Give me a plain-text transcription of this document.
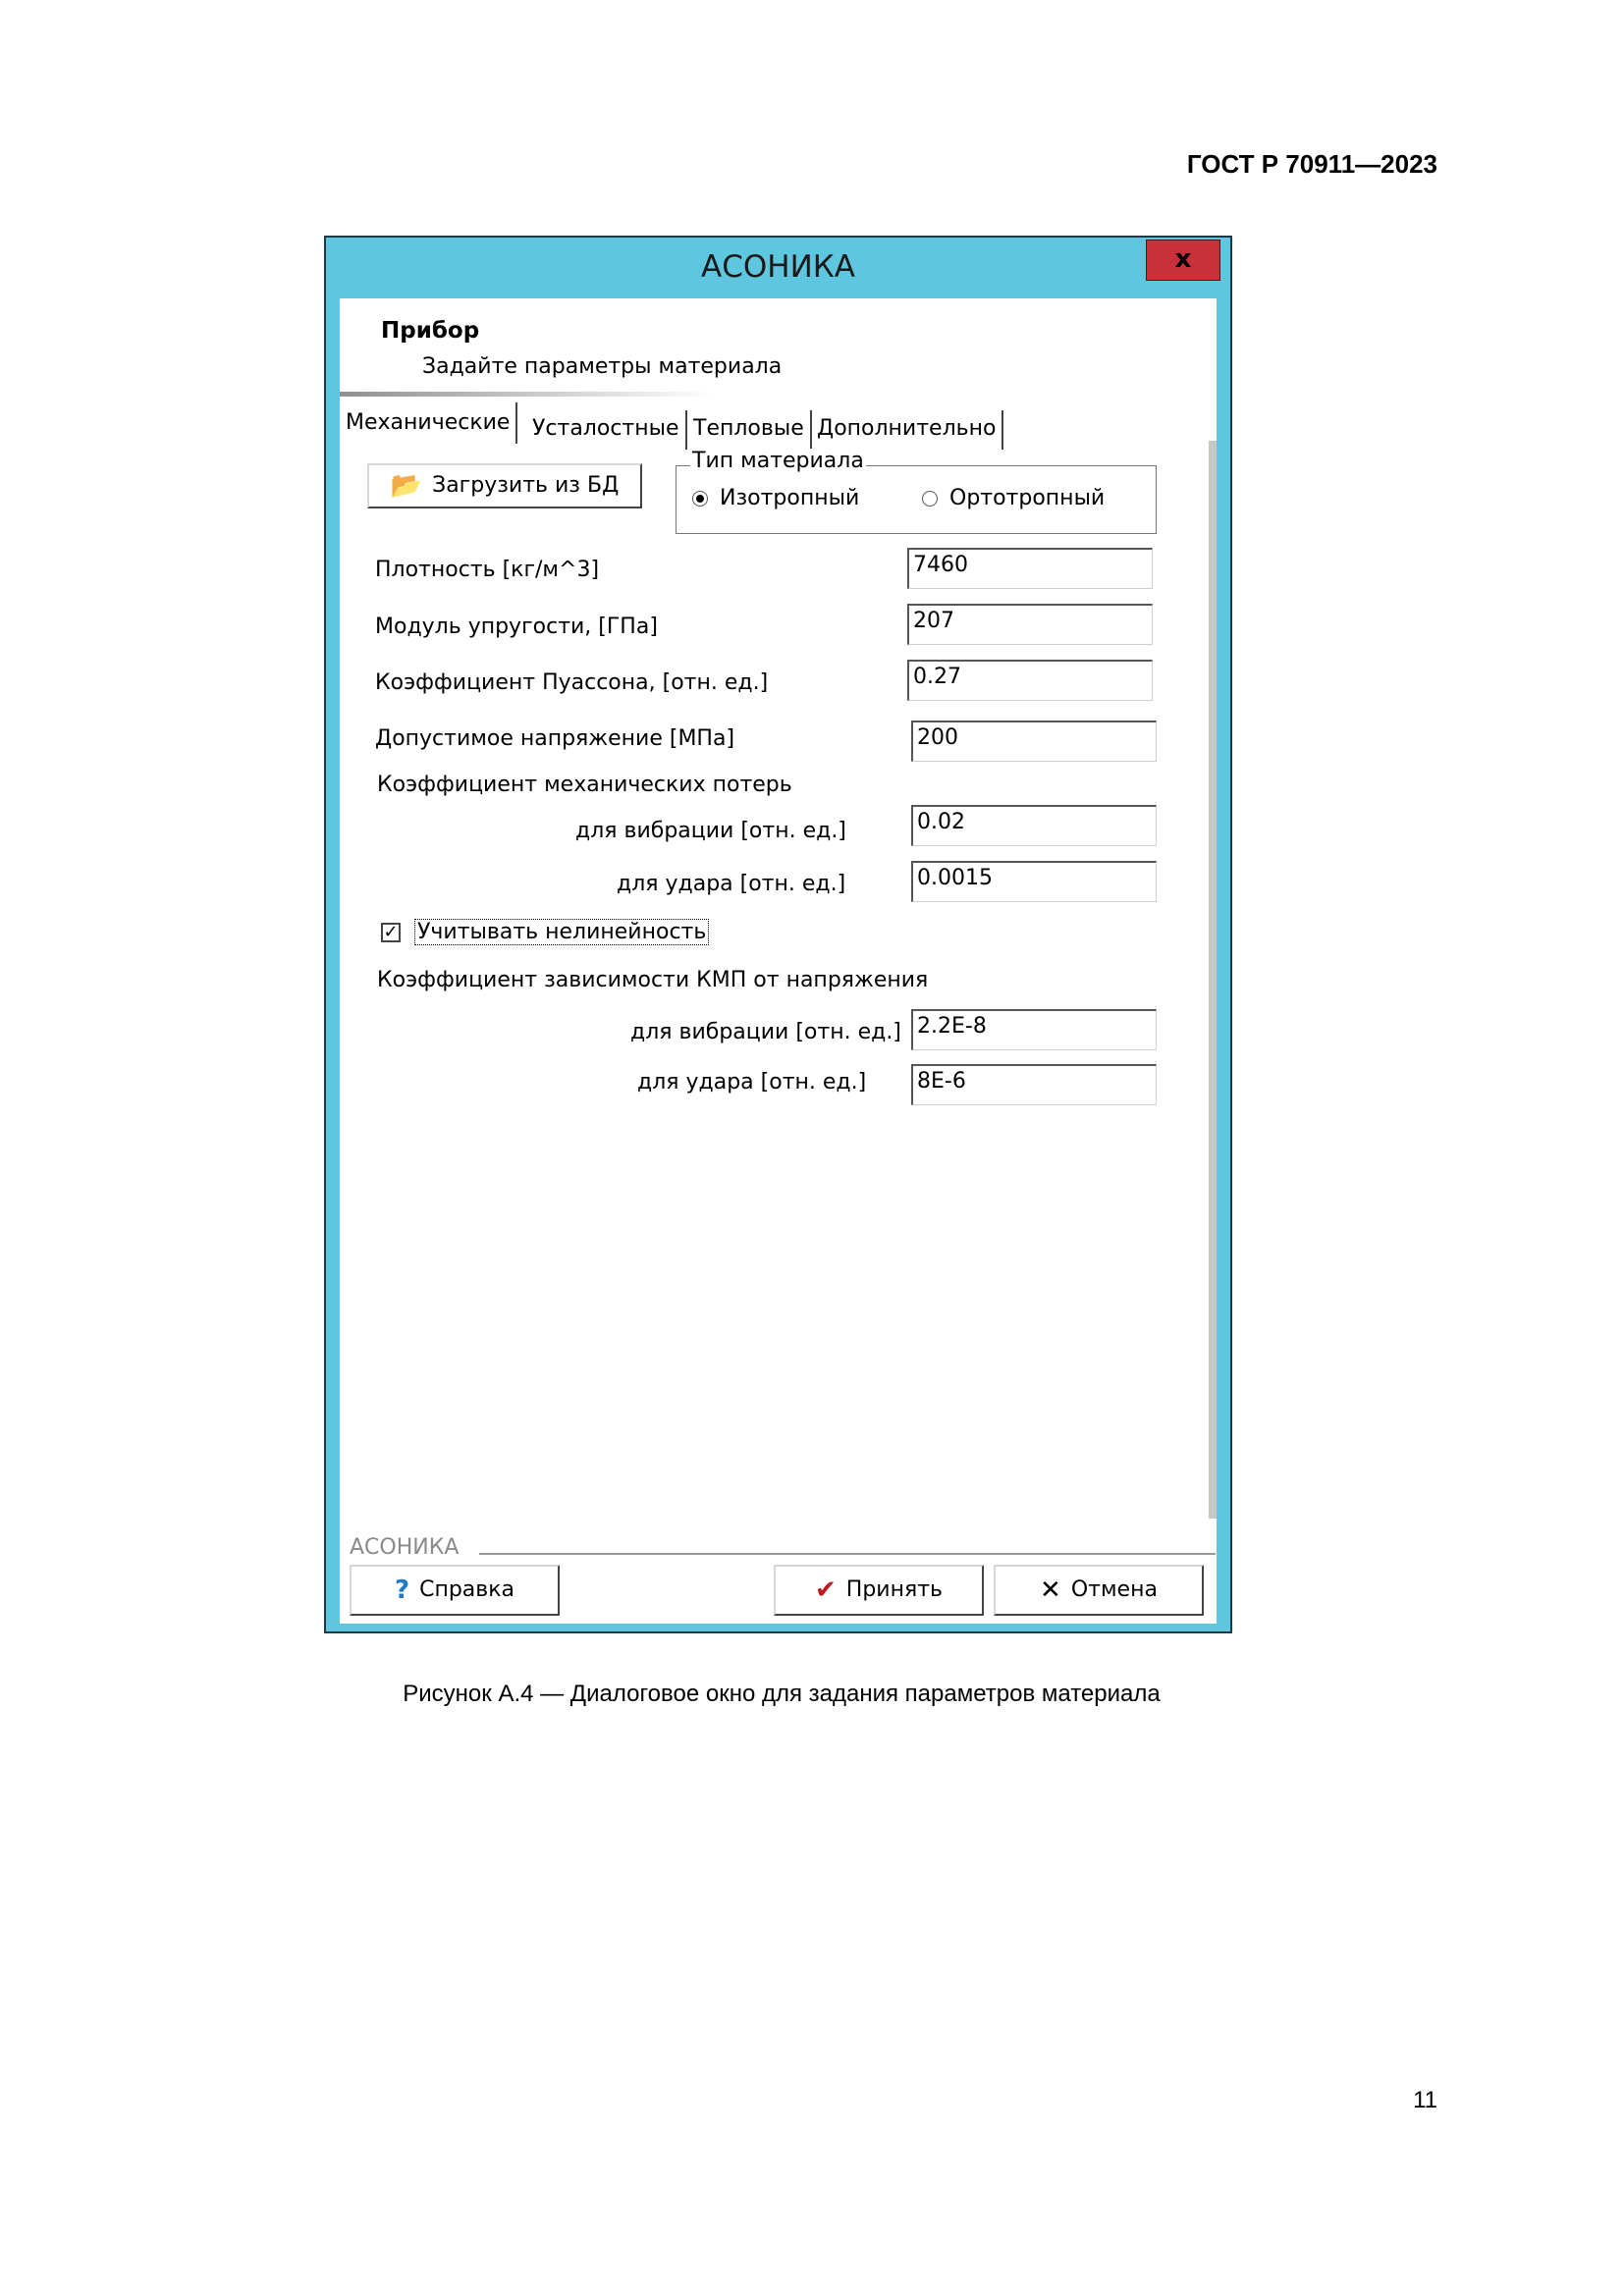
ГОСТ Р 70911—2023
АСОНИКА	x
Прибор
Задайте параметры материала
Механические	Усталостные Тепловые Дополнительно
📂 Загрузить из БД
Тип материала
Изотропный	Ортотропный
Плотность [кг/м^3]	7460
Модуль упругости, [ГПа]	207
Коэффициент Пуассона, [отн. ед.]	0.27
Допустимое напряжение [МПа]	200
Коэффициент механических потерь
для вибрации [отн. ед.]	0.02
для удара [отн. ед.]	0.0015
✓ Учитывать нелинейность
Коэффициент зависимости КМП от напряжения
для вибрации [отн. ед.] 2.2E-8
для удара [отн. ед.] 8E-6
АСОНИКА
? Справка	✔ Принять	✕ Отмена
Рисунок А.4 — Диалоговое окно для задания параметров материала
11
